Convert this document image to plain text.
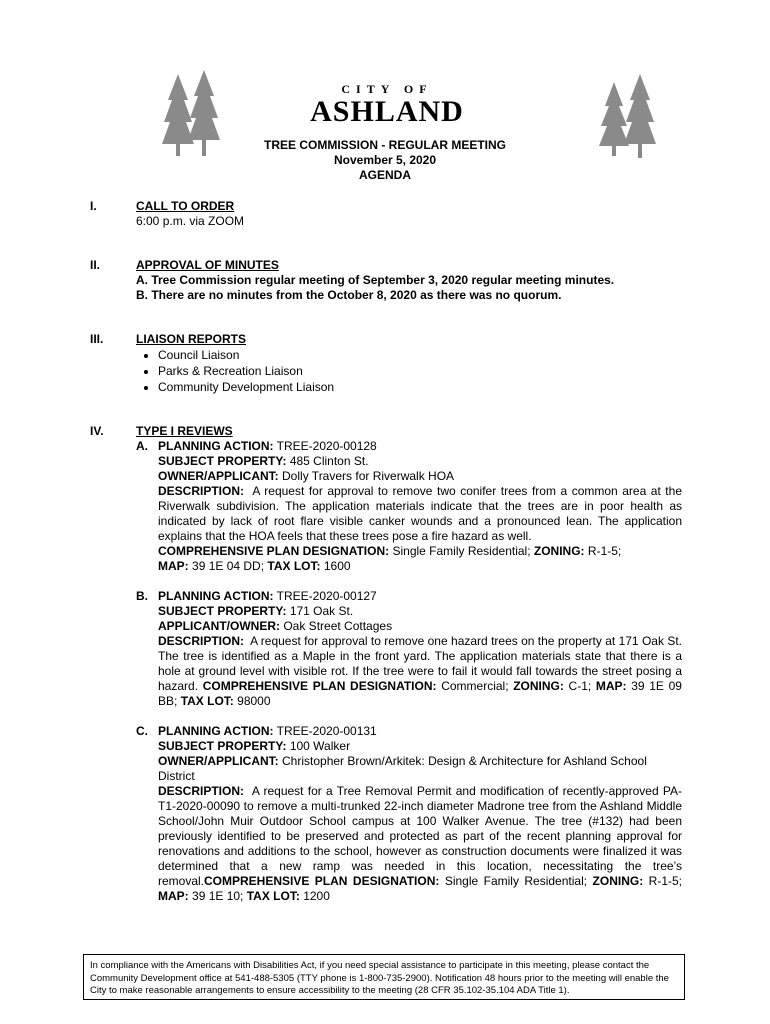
CITY OF
ASHLAND
TREE COMMISSION - REGULAR MEETING
November 5, 2020
AGENDA
I.	CALL TO ORDER
6:00 p.m. via ZOOM
II.	APPROVAL OF MINUTES
A. Tree Commission regular meeting of September 3, 2020 regular meeting minutes.
B. There are no minutes from the October 8, 2020 as there was no quorum.
III.	LIAISON REPORTS
• Council Liaison
• Parks & Recreation Liaison
• Community Development Liaison
IV.	TYPE I REVIEWS
A. PLANNING ACTION: TREE-2020-00128
SUBJECT PROPERTY: 485 Clinton St.
OWNER/APPLICANT: Dolly Travers for Riverwalk HOA
DESCRIPTION: A request for approval to remove two conifer trees from a common area at the Riverwalk subdivision. The application materials indicate that the trees are in poor health as indicated by lack of root flare visible canker wounds and a pronounced lean. The application explains that the HOA feels that these trees pose a fire hazard as well.
COMPREHENSIVE PLAN DESIGNATION: Single Family Residential; ZONING: R-1-5;
MAP: 39 1E 04 DD; TAX LOT: 1600
B. PLANNING ACTION: TREE-2020-00127
SUBJECT PROPERTY: 171 Oak St.
APPLICANT/OWNER: Oak Street Cottages
DESCRIPTION: A request for approval to remove one hazard trees on the property at 171 Oak St. The tree is identified as a Maple in the front yard. The application materials state that there is a hole at ground level with visible rot. If the tree were to fail it would fall towards the street posing a hazard. COMPREHENSIVE PLAN DESIGNATION: Commercial; ZONING: C-1; MAP: 39 1E 09 BB; TAX LOT: 98000
C. PLANNING ACTION: TREE-2020-00131
SUBJECT PROPERTY: 100 Walker
OWNER/APPLICANT: Christopher Brown/Arkitek: Design & Architecture for Ashland School District
DESCRIPTION: A request for a Tree Removal Permit and modification of recently-approved PA-T1-2020-00090 to remove a multi-trunked 22-inch diameter Madrone tree from the Ashland Middle School/John Muir Outdoor School campus at 100 Walker Avenue. The tree (#132) had been previously identified to be preserved and protected as part of the recent planning approval for renovations and additions to the school, however as construction documents were finalized it was determined that a new ramp was needed in this location, necessitating the tree’s removal.COMPREHENSIVE PLAN DESIGNATION: Single Family Residential; ZONING: R-1-5; MAP: 39 1E 10; TAX LOT: 1200
In compliance with the Americans with Disabilities Act, if you need special assistance to participate in this meeting, please contact the Community Development office at 541-488-5305 (TTY phone is 1-800-735-2900). Notification 48 hours prior to the meeting will enable the City to make reasonable arrangements to ensure accessibility to the meeting (28 CFR 35.102-35.104 ADA Title 1).
